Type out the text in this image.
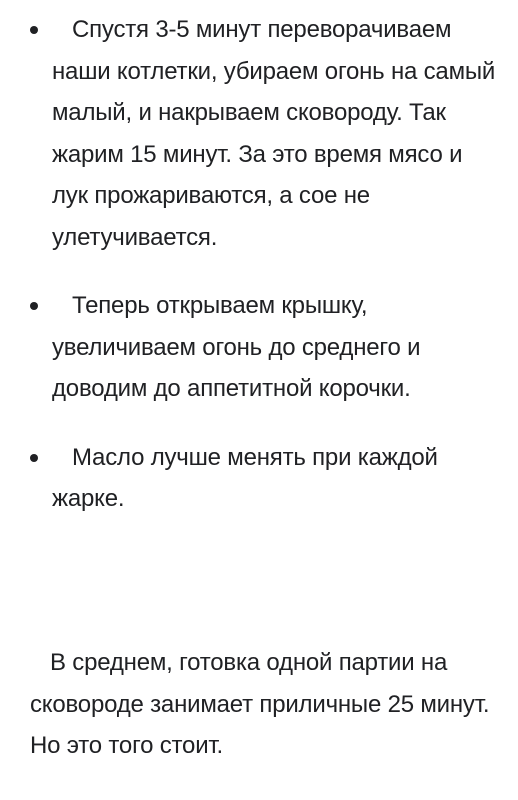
Спустя 3-5 минут переворачиваем наши котлетки, убираем огонь на самый малый, и накрываем сковороду. Так жарим 15 минут. За это время мясо и лук прожариваются, а сое не улетучивается.

Теперь открываем крышку, увеличиваем огонь до среднего и доводим до аппетитной корочки.

Масло лучше менять при каждой жарке.

В среднем, готовка одной партии на сковороде занимает приличные 25 минут. Но это того стоит.
